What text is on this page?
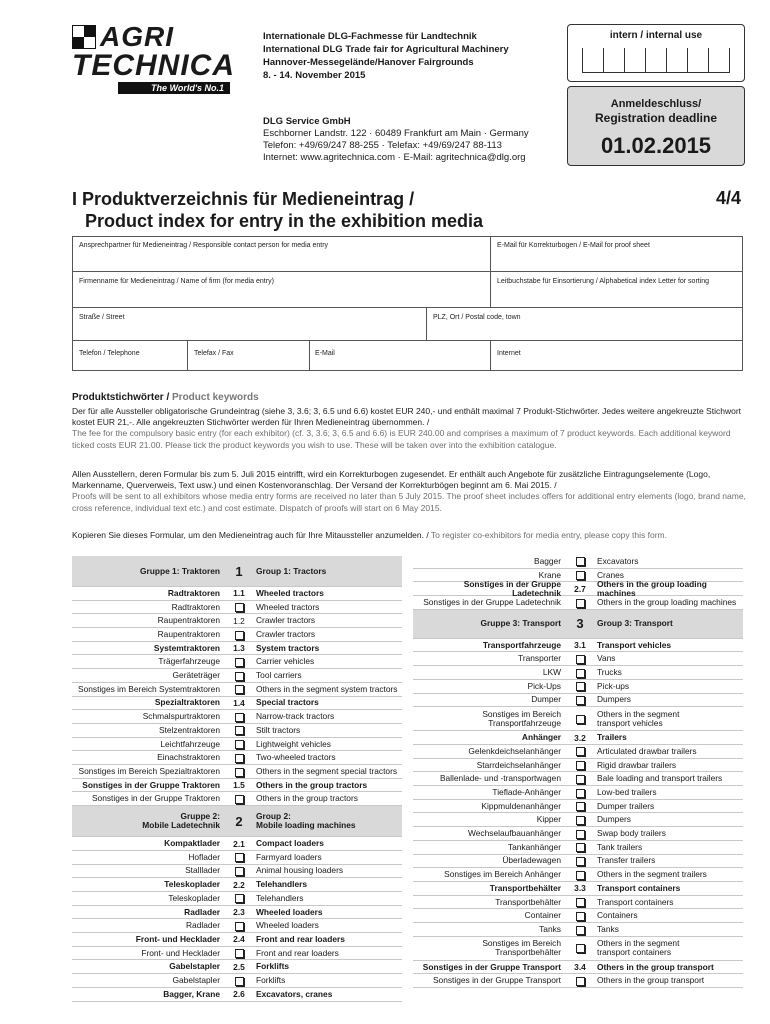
AGRI
TECHNICA
The World's No.1
Internationale DLG-Fachmesse für Landtechnik
International DLG Trade fair for Agricultural Machinery
Hannover-Messegelände/Hanover Fairgrounds
8. - 14. November 2015
DLG Service GmbH
Eschborner Landstr. 122 · 60489 Frankfurt am Main · Germany
Telefon: +49/69/247 88-255 · Telefax: +49/69/247 88-113
Internet: www.agritechnica.com · E-Mail: agritechnica@dlg.org
intern / internal use
Anmeldeschluss/
Registration deadline
01.02.2015
I Produktverzeichnis für Medieneintrag /
Product index for entry in the exhibition media
4/4
Ansprechpartner für Medieneintrag / Responsible contact person for media entry	E-Mail für Korrekturbogen / E-Mail for proof sheet
Firmenname für Medieneintrag / Name of firm (for media entry)	Leitbuchstabe für Einsortierung / Alphabetical index Letter for sorting
Straße / Street	PLZ, Ort / Postal code, town
Telefon / Telephone	Telefax / Fax	E-Mail	Internet
Produktstichwörter / Product keywords
Der für alle Aussteller obligatorische Grundeintrag (siehe 3, 3.6; 3, 6.5 und 6.6) kostet EUR 240,- und enthält maximal 7 Produkt-Stichwörter. Jedes weitere angekreuzte Stichwort kostet EUR 21,-. Alle angekreuzten Stichwörter werden für Ihren Medieneintrag übernommen. /
The fee for the compulsory basic entry (for each exhibitor) (cf. 3, 3.6; 3, 6.5 and 6.6) is EUR 240.00 and comprises a maximum of 7 product keywords. Each additional keyword ticked costs EUR 21.00. Please tick the product keywords you wish to use. These will be taken over into the exhibition catalogue.
Allen Ausstellern, deren Formular bis zum 5. Juli 2015 eintrifft, wird ein Korrekturbogen zugesendet. Er enthält auch Angebote für zusätzliche Eintragungselemente (Logo, Markenname, Querverweis, Text usw.) und einen Kostenvoranschlag. Der Versand der Korrekturbögen beginnt am 6. Mai 2015. /
Proofs will be sent to all exhibitors whose media entry forms are received no later than 5 July 2015. The proof sheet includes offers for additional entry elements (logo, brand name, cross reference, individual text etc.) and cost estimate. Dispatch of proofs will start on 6 May 2015.
Kopieren Sie dieses Formular, um den Medieneintrag auch für Ihre Mitaussteller anzumelden. / To register co-exhibitors for media entry, please copy this form.
Gruppe 1: Traktoren	1	Group 1: Tractors
Radtraktoren	1.1	Wheeled tractors
Radtraktoren	Wheeled tractors
Raupentraktoren	1.2	Crawler tractors
Raupentraktoren	Crawler tractors
Systemtraktoren	1.3	System tractors
Trägerfahrzeuge	Carrier vehicles
Geräteträger	Tool carriers
Sonstiges im Bereich Systemtraktoren	Others in the segment system tractors
Spezialtraktoren	1.4	Special tractors
Schmalspurtraktoren	Narrow-track tractors
Stelzentraktoren	Stilt tractors
Leichtfahrzeuge	Lightweight vehicles
Einachstraktoren	Two-wheeled tractors
Sonstiges im Bereich Spezialtraktoren	Others in the segment special tractors
Sonstiges in der Gruppe Traktoren	1.5	Others in the group tractors
Sonstiges in der Gruppe Traktoren	Others in the group tractors
Gruppe 2:
Mobile Ladetechnik	2	Group 2:
Mobile loading machines
Kompaktlader	2.1	Compact loaders
Hoflader	Farmyard loaders
Stalllader	Animal housing loaders
Teleskoplader	2.2	Telehandlers
Teleskoplader	Telehandlers
Radlader	2.3	Wheeled loaders
Radlader	Wheeled loaders
Front- und Hecklader	2.4	Front and rear loaders
Front- und Hecklader	Front and rear loaders
Gabelstapler	2.5	Forklifts
Gabelstapler	Forklifts
Bagger, Krane	2.6	Excavators, cranes
Bagger	Excavators
Krane	Cranes
Sonstiges in der Gruppe Ladetechnik	2.7	Others in the group loading machines
Sonstiges in der Gruppe Ladetechnik	Others in the group loading machines
Gruppe 3: Transport	3	Group 3: Transport
Transportfahrzeuge	3.1	Transport vehicles
Transporter	Vans
LKW	Trucks
Pick-Ups	Pick-ups
Dumper	Dumpers
Sonstiges im Bereich
Transportfahrzeuge
Others in the segment
transport vehicles
Anhänger	3.2	Trailers
Gelenkdeichselanhänger	Articulated drawbar trailers
Starrdeichselanhänger	Rigid drawbar trailers
Ballenlade- und -transportwagen	Bale loading and transport trailers
Tieflade-Anhänger	Low-bed trailers
Kippmuldenanhänger	Dumper trailers
Kipper	Dumpers
Wechselaufbauanhänger	Swap body trailers
Tankanhänger	Tank trailers
Überladewagen	Transfer trailers
Sonstiges im Bereich Anhänger	Others in the segment trailers
Transportbehälter	3.3	Transport containers
Transportbehälter	Transport containers
Container	Containers
Tanks	Tanks
Sonstiges im Bereich
Transportbehälter
Others in the segment
transport containers
Sonstiges in der Gruppe Transport	3.4	Others in the group transport
Sonstiges in der Gruppe Transport	Others in the group transport
